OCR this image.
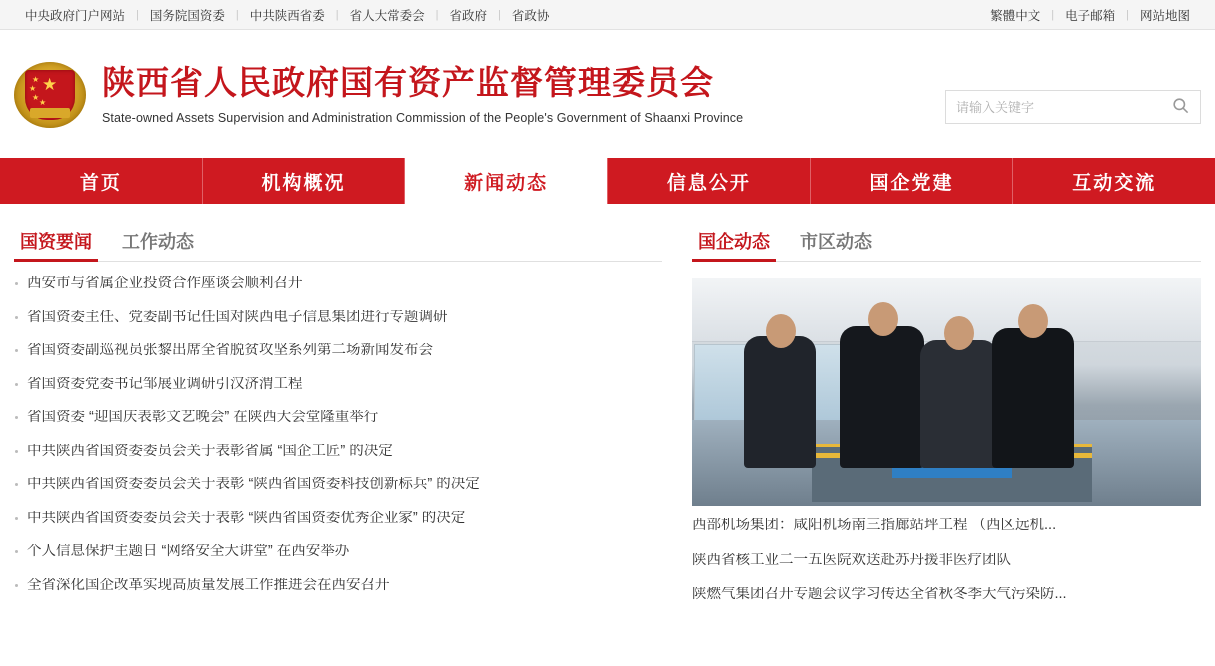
中央政府门户网站	| 国务院国资委	| 中共陕西省委	| 省人大常委会	| 省政府	| 省政协	繁體中文	| 电子邮箱	| 网站地图
★
★
★
★
★
陕西省人民政府国有资产监督管理委员会
State-owned Assets Supervision and Administration Commission of the People's Government of Shaanxi Province
请输入关键字
首页	机构概况	新闻动态	信息公开	国企党建	互动交流
国资要闻	工作动态
西安市与省属企业投资合作座谈会顺利召开
省国资委主任、党委副书记任国对陕西电子信息集团进行专题调研
省国资委副巡视员张黎出席全省脱贫攻坚系列第二场新闻发布会
省国资委党委书记邹展业调研引汉济渭工程
省国资委 “迎国庆表彰文艺晚会” 在陕西大会堂隆重举行
中共陕西省国资委委员会关于表彰省属 “国企工匠” 的决定
中共陕西省国资委委员会关于表彰 “陕西省国资委科技创新标兵” 的决定
中共陕西省国资委委员会关于表彰 “陕西省国资委优秀企业家” 的决定
个人信息保护主题日 “网络安全大讲堂” 在西安举办
全省深化国企改革实现高质量发展工作推进会在西安召开
国企动态	市区动态
西部机场集团：咸阳机场南三指廊站坪工程 （西区远机...
陕西省核工业二一五医院欢送赴苏丹援非医疗团队
陕燃气集团召开专题会议学习传达全省秋冬季大气污染防...
